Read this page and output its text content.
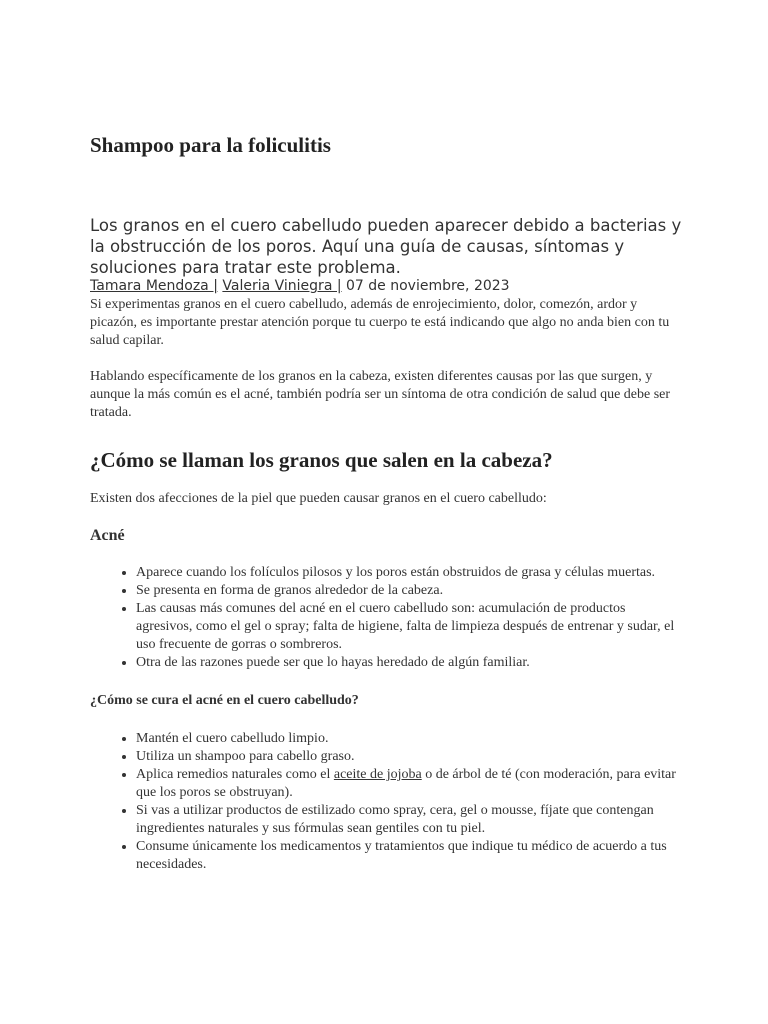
Shampoo para la foliculitis

Los granos en el cuero cabelludo pueden aparecer debido a bacterias y la obstrucción de los poros. Aquí una guía de causas, síntomas y soluciones para tratar este problema.

Tamara Mendoza | Valeria Viniegra | 07 de noviembre, 2023

Si experimentas granos en el cuero cabelludo, además de enrojecimiento, dolor, comezón, ardor y picazón, es importante prestar atención porque tu cuerpo te está indicando que algo no anda bien con tu salud capilar.

Hablando específicamente de los granos en la cabeza, existen diferentes causas por las que surgen, y aunque la más común es el acné, también podría ser un síntoma de otra condición de salud que debe ser tratada.

¿Cómo se llaman los granos que salen en la cabeza?

Existen dos afecciones de la piel que pueden causar granos en el cuero cabelludo:

Acné
• Aparece cuando los folículos pilosos y los poros están obstruidos de grasa y células muertas.
• Se presenta en forma de granos alrededor de la cabeza.
• Las causas más comunes del acné en el cuero cabelludo son: acumulación de productos agresivos, como el gel o spray; falta de higiene, falta de limpieza después de entrenar y sudar, el uso frecuente de gorras o sombreros.
• Otra de las razones puede ser que lo hayas heredado de algún familiar.
¿Cómo se cura el acné en el cuero cabelludo?
• Mantén el cuero cabelludo limpio.
• Utiliza un shampoo para cabello graso.
• Aplica remedios naturales como el aceite de jojoba o de árbol de té (con moderación, para evitar que los poros se obstruyan).
• Si vas a utilizar productos de estilizado como spray, cera, gel o mousse, fíjate que contengan ingredientes naturales y sus fórmulas sean gentiles con tu piel.
• Consume únicamente los medicamentos y tratamientos que indique tu médico de acuerdo a tus necesidades.
